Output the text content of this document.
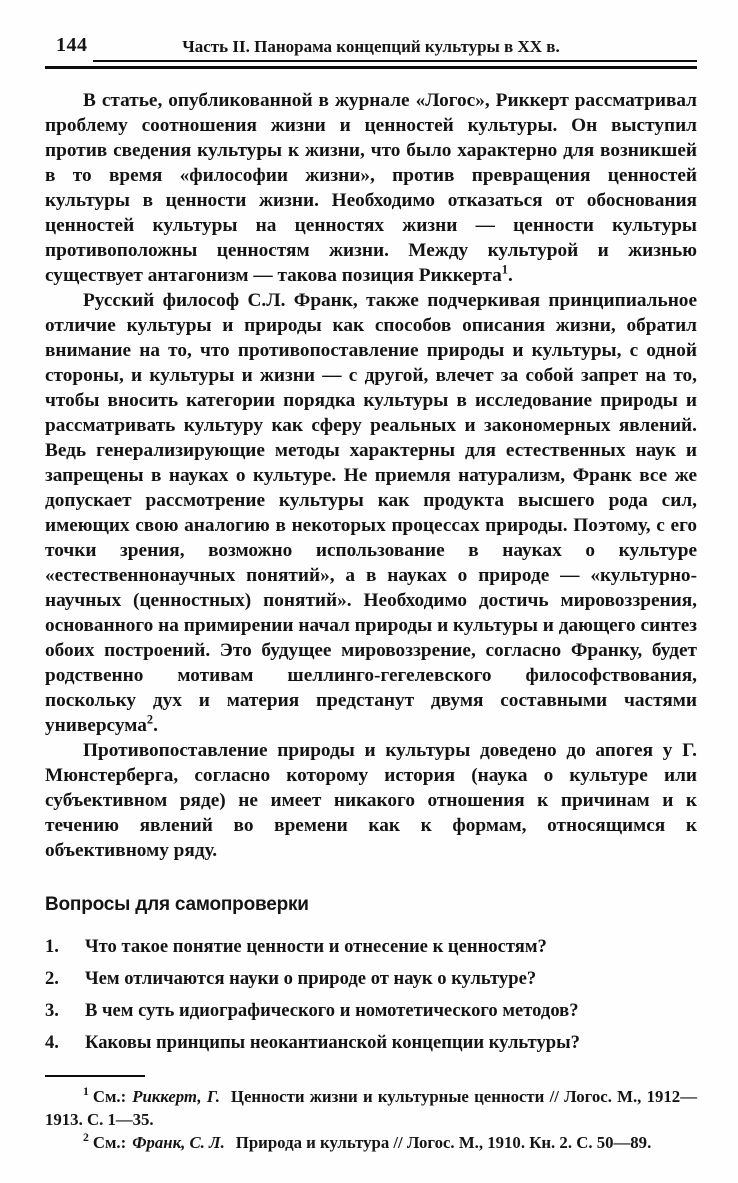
144	Часть II. Панорама концепций культуры в XX в.

В статье, опубликованной в журнале «Логос», Риккерт рассматривал проблему соотношения жизни и ценностей культуры. Он выступил против сведения культуры к жизни, что было характерно для возникшей в то время «философии жизни», против превращения ценностей культуры в ценности жизни. Необходимо отказаться от обоснования ценностей культуры на ценностях жизни — ценности культуры противоположны ценностям жизни. Между культурой и жизнью существует антагонизм — такова позиция Риккерта$^1$.

Русский философ С.Л. Франк, также подчеркивая принципиальное отличие культуры и природы как способов описания жизни, обратил внимание на то, что противопоставление природы и культуры, с одной стороны, и культуры и жизни — с другой, влечет за собой запрет на то, чтобы вносить категории порядка культуры в исследование природы и рассматривать культуру как сферу реальных и закономерных явлений. Ведь генерализирующие методы характерны для естественных наук и запрещены в науках о культуре. Не приемля натурализм, Франк все же допускает рассмотрение культуры как продукта высшего рода сил, имеющих свою аналогию в некоторых процессах природы. Поэтому, с его точки зрения, возможно использование в науках о культуре «естественнонаучных понятий», а в науках о природе — «культурно-научных (ценностных) понятий». Необходимо достичь мировоззрения, основанного на примирении начал природы и культуры и дающего синтез обоих построений. Это будущее мировоззрение, согласно Франку, будет родственно мотивам шеллинго-гегелевского философствования, поскольку дух и материя предстанут двумя составными частями универсума$^2$.

Противопоставление природы и культуры доведено до апогея у Г. Мюнстерберга, согласно которому история (наука о культуре или субъективном ряде) не имеет никакого отношения к причинам и к течению явлений во времени как к формам, относящимся к объективному ряду.

Вопросы для самопроверки
1.	Что такое понятие ценности и отнесение к ценностям?
2.	Чем отличаются науки о природе от наук о культуре?
3.	В чем суть идиографического и номотетического методов?
4.	Каковы принципы неокантианской концепции культуры?

$^1$ См.: Риккерт, Г. Ценности жизни и культурные ценности // Логос. М., 1912—1913. С. 1—35.

$^2$ См.: Франк, С. Л. Природа и культура // Логос. М., 1910. Кн. 2. С. 50—89.
